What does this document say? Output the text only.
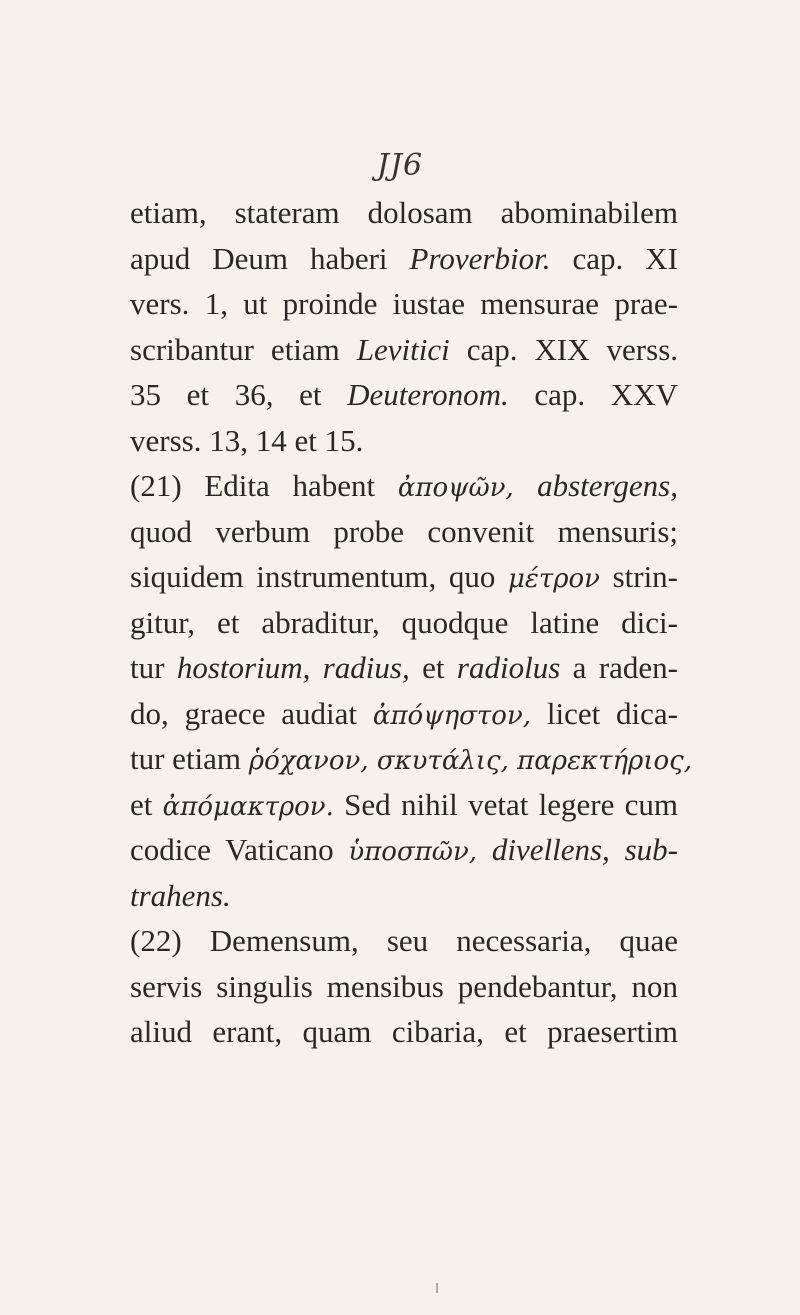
JJ6
etiam, stateram dolosam abominabilem
apud Deum haberi Proverbior. cap. XI
vers. 1, ut proinde iustae mensurae prae-
scribantur etiam Levitici cap. XIX verss.
35 et 36, et Deuteronom. cap. XXV
verss. 13, 14 et 15.
(21) Edita habent ἀποψῶν, abstergens,
quod verbum probe convenit mensuris;
siquidem instrumentum, quo μέτρον strin-
gitur, et abraditur, quodque latine dici-
tur hostorium, radius, et radiolus a raden-
do, graece audiat ἀπόψηστον, licet dica-
tur etiam ῥόχανον, σκυτάλις, παρεκτήριος,
et ἀπόμακτρον. Sed nihil vetat legere cum
codice Vaticano ὑποσπῶν, divellens, sub-
trahens.
(22) Demensum, seu necessaria, quae
servis singulis mensibus pendebantur, non
aliud erant, quam cibaria, et praesertim
